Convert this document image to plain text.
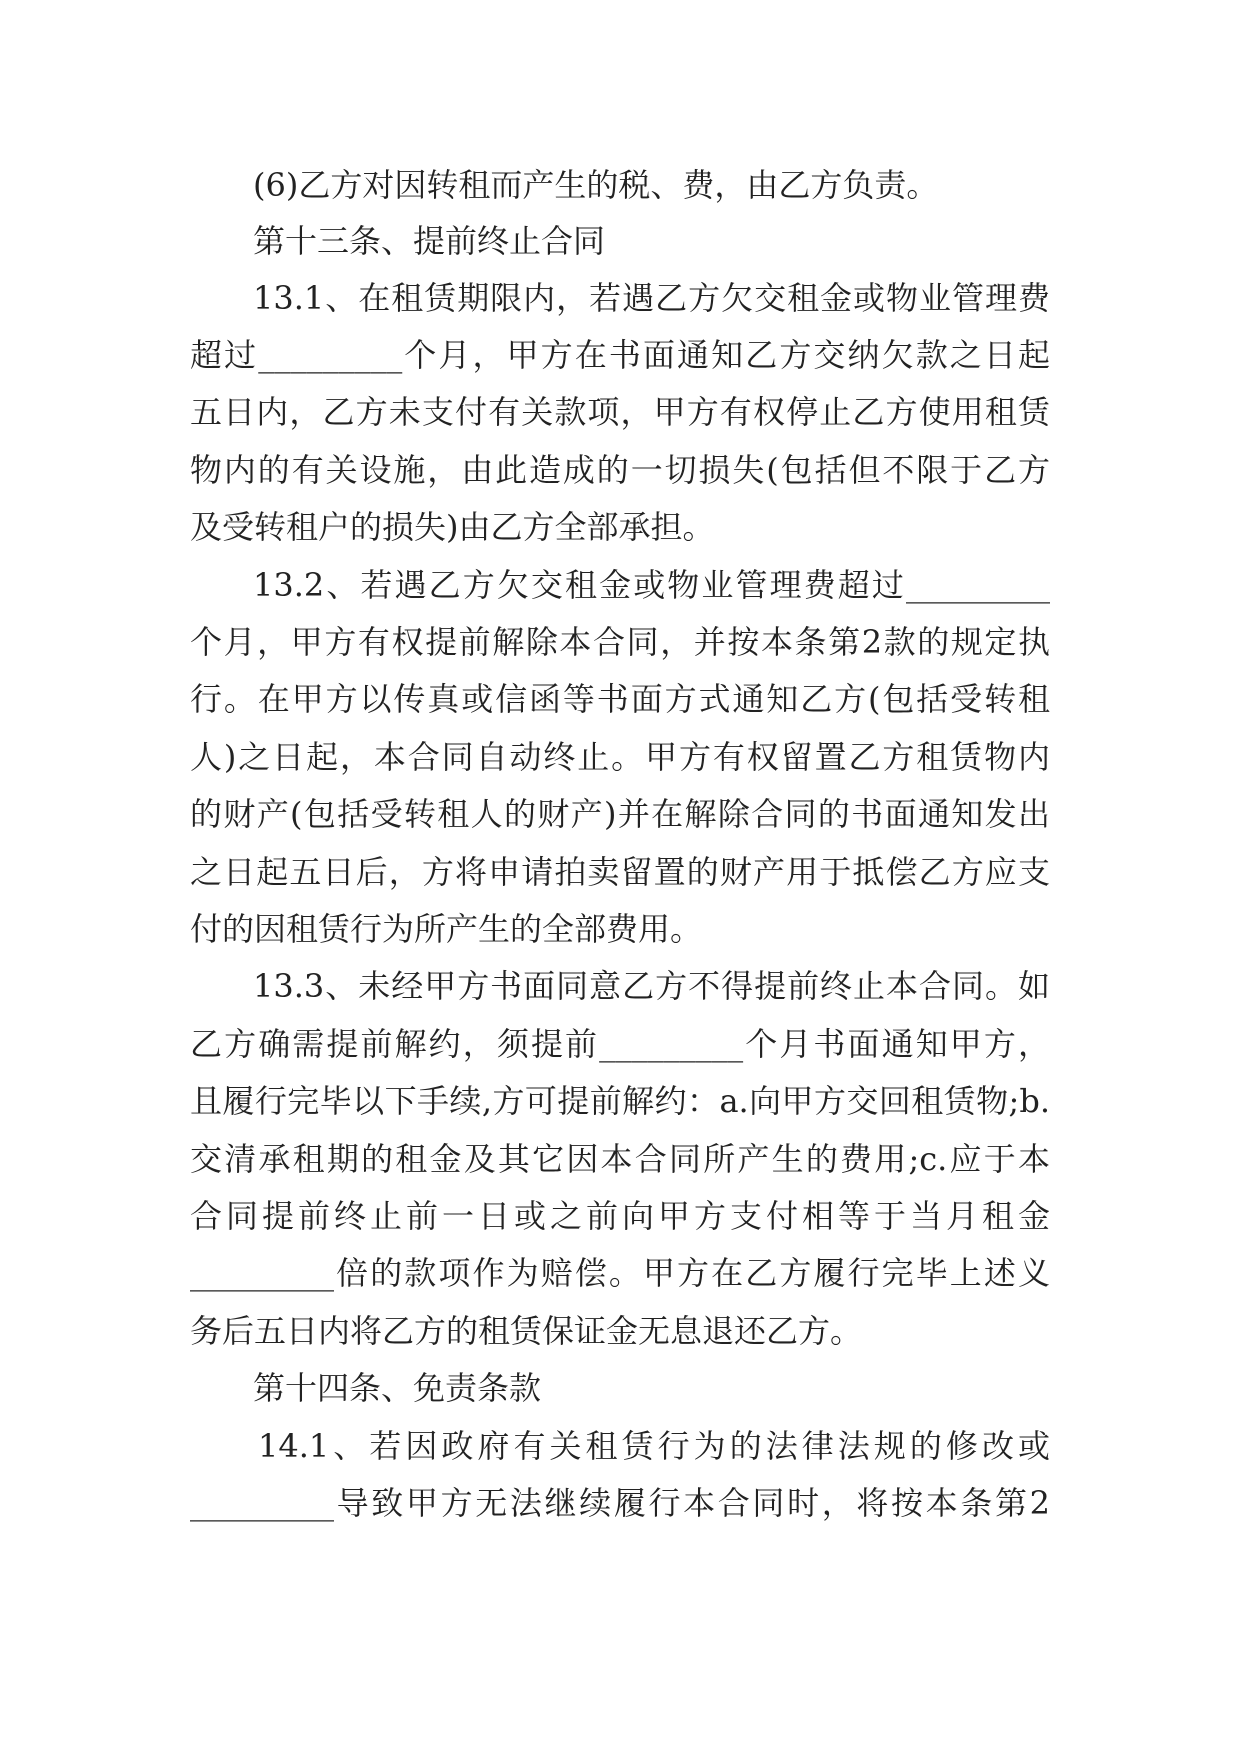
(6)乙方对因转租而产生的税、费，由乙方负责。
第十三条、提前终止合同
13.1、在租赁期限内，若遇乙方欠交租金或物业管理费
超过_________个月，甲方在书面通知乙方交纳欠款之日起
五日内，乙方未支付有关款项，甲方有权停止乙方使用租赁
物内的有关设施，由此造成的一切损失(包括但不限于乙方
及受转租户的损失)由乙方全部承担。
13.2、若遇乙方欠交租金或物业管理费超过_________
个月，甲方有权提前解除本合同，并按本条第2款的规定执
行。在甲方以传真或信函等书面方式通知乙方(包括受转租
人)之日起，本合同自动终止。甲方有权留置乙方租赁物内
的财产(包括受转租人的财产)并在解除合同的书面通知发出
之日起五日后，方将申请拍卖留置的财产用于抵偿乙方应支
付的因租赁行为所产生的全部费用。
13.3、未经甲方书面同意乙方不得提前终止本合同。如
乙方确需提前解约，须提前_________个月书面通知甲方，
且履行完毕以下手续,方可提前解约：a.向甲方交回租赁物;b.
交清承租期的租金及其它因本合同所产生的费用;c.应于本
合同提前终止前一日或之前向甲方支付相等于当月租金
_________倍的款项作为赔偿。甲方在乙方履行完毕上述义
务后五日内将乙方的租赁保证金无息退还乙方。
第十四条、免责条款
14.1、若因政府有关租赁行为的法律法规的修改或
_________导致甲方无法继续履行本合同时，将按本条第2
